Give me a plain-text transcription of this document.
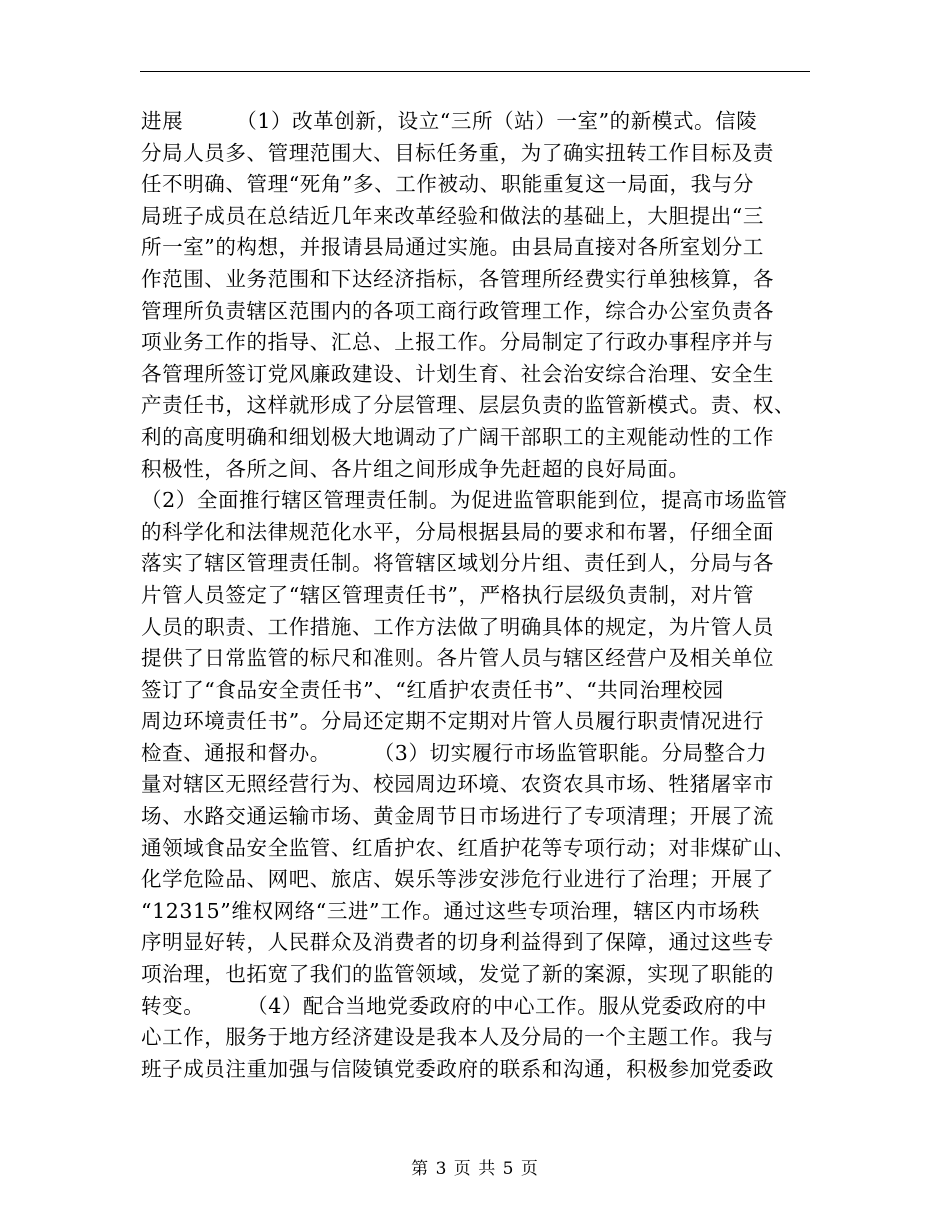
进展　　　（1）改革创新，设立“三所（站）一室”的新模式。信陵
分局人员多、管理范围大、目标任务重，为了确实扭转工作目标及责
任不明确、管理“死角”多、工作被动、职能重复这一局面，我与分
局班子成员在总结近几年来改革经验和做法的基础上，大胆提出“三
所一室”的构想，并报请县局通过实施。由县局直接对各所室划分工
作范围、业务范围和下达经济指标，各管理所经费实行单独核算，各
管理所负责辖区范围内的各项工商行政管理工作，综合办公室负责各
项业务工作的指导、汇总、上报工作。分局制定了行政办事程序并与
各管理所签订党风廉政建设、计划生育、社会治安综合治理、安全生
产责任书，这样就形成了分层管理、层层负责的监管新模式。责、权、
利的高度明确和细划极大地调动了广阔干部职工的主观能动性的工作
积极性，各所之间、各片组之间形成争先赶超的良好局面。
（2）全面推行辖区管理责任制。为促进监管职能到位，提高市场监管
的科学化和法律规范化水平，分局根据县局的要求和布署，仔细全面
落实了辖区管理责任制。将管辖区域划分片组、责任到人，分局与各
片管人员签定了“辖区管理责任书”，严格执行层级负责制，对片管
人员的职责、工作措施、工作方法做了明确具体的规定，为片管人员
提供了日常监管的标尺和准则。各片管人员与辖区经营户及相关单位
签订了“食品安全责任书”、“红盾护农责任书”、“共同治理校园
周边环境责任书”。分局还定期不定期对片管人员履行职责情况进行
检查、通报和督办。　　　（3）切实履行市场监管职能。分局整合力
量对辖区无照经营行为、校园周边环境、农资农具市场、牲猪屠宰市
场、水路交通运输市场、黄金周节日市场进行了专项清理；开展了流
通领域食品安全监管、红盾护农、红盾护花等专项行动；对非煤矿山、
化学危险品、网吧、旅店、娱乐等涉安涉危行业进行了治理；开展了
“12315”维权网络“三进”工作。通过这些专项治理，辖区内市场秩
序明显好转，人民群众及消费者的切身利益得到了保障，通过这些专
项治理，也拓宽了我们的监管领域，发觉了新的案源，实现了职能的
转变。　　　（4）配合当地党委政府的中心工作。服从党委政府的中
心工作，服务于地方经济建设是我本人及分局的一个主题工作。我与
班子成员注重加强与信陵镇党委政府的联系和沟通，积极参加党委政
第 3 页 共 5 页
